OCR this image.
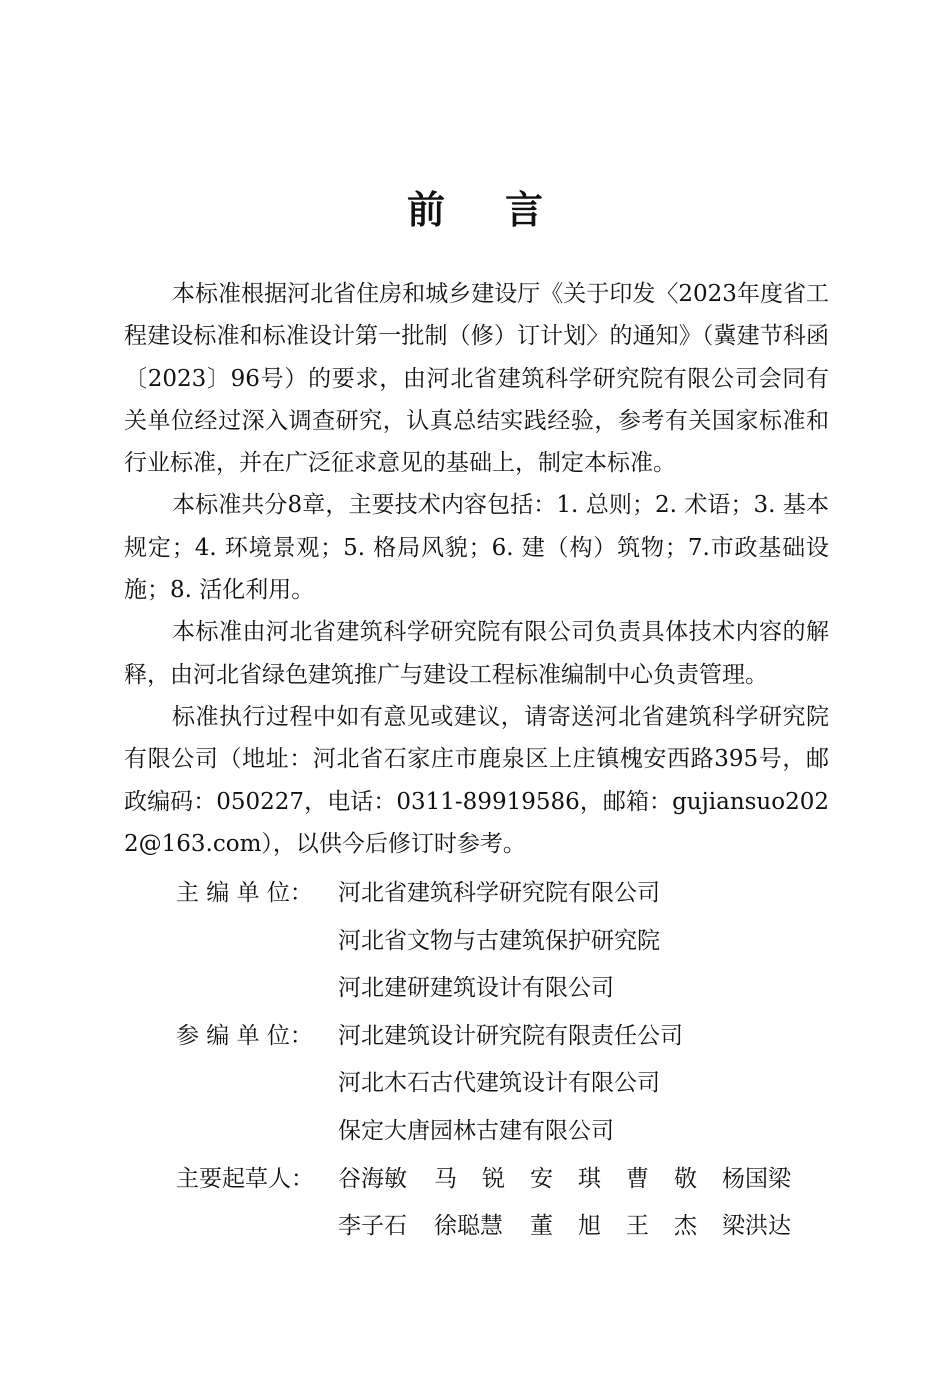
前 言

本标准根据河北省住房和城乡建设厅《关于印发〈2023年度省工程建设标准和标准设计第一批制（修）订计划〉的通知》（冀建节科函〔2023〕96号）的要求，由河北省建筑科学研究院有限公司会同有关单位经过深入调查研究，认真总结实践经验，参考有关国家标准和行业标准，并在广泛征求意见的基础上，制定本标准。

本标准共分8章，主要技术内容包括：1. 总则；2. 术语；3. 基本规定；4. 环境景观；5. 格局风貌；6. 建（构）筑物；7.市政基础设施；8. 活化利用。

本标准由河北省建筑科学研究院有限公司负责具体技术内容的解释，由河北省绿色建筑推广与建设工程标准编制中心负责管理。

标准执行过程中如有意见或建议，请寄送河北省建筑科学研究院有限公司（地址：河北省石家庄市鹿泉区上庄镇槐安西路395号，邮政编码：050227，电话：0311-89919586，邮箱：gujiansuo2022@163.com），以供今后修订时参考。

主 编 单 位：	河北省建筑科学研究院有限公司
河北省文物与古建筑保护研究院
河北建研建筑设计有限公司
参 编 单 位：	河北建筑设计研究院有限责任公司
河北木石古代建筑设计有限公司
保定大唐园林古建有限公司
主要起草人：	谷海敏	马	锐	安	琪	曹	敬	杨国梁
李子石	徐聪慧 董	旭	王	杰	梁洪达
